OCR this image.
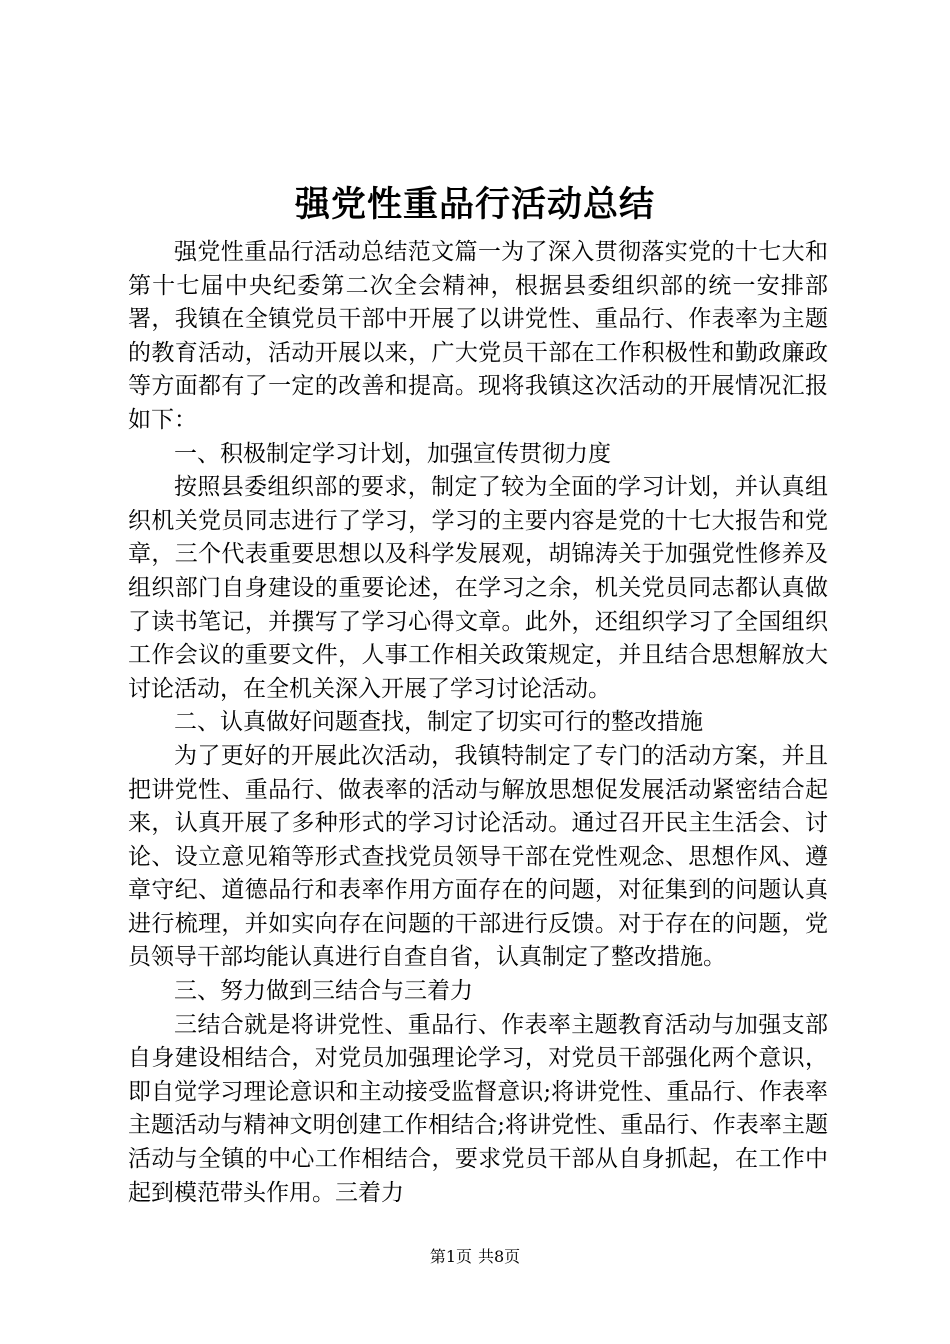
强党性重品行活动总结

强党性重品行活动总结范文篇一为了深入贯彻落实党的十七大和第十七届中央纪委第二次全会精神，根据县委组织部的统一安排部署，我镇在全镇党员干部中开展了以讲党性、重品行、作表率为主题的教育活动，活动开展以来，广大党员干部在工作积极性和勤政廉政等方面都有了一定的改善和提高。现将我镇这次活动的开展情况汇报如下：

一、积极制定学习计划，加强宣传贯彻力度

按照县委组织部的要求，制定了较为全面的学习计划，并认真组织机关党员同志进行了学习，学习的主要内容是党的十七大报告和党章，三个代表重要思想以及科学发展观，胡锦涛关于加强党性修养及组织部门自身建设的重要论述，在学习之余，机关党员同志都认真做了读书笔记，并撰写了学习心得文章。此外，还组织学习了全国组织工作会议的重要文件，人事工作相关政策规定，并且结合思想解放大讨论活动，在全机关深入开展了学习讨论活动。

二、认真做好问题查找，制定了切实可行的整改措施

为了更好的开展此次活动，我镇特制定了专门的活动方案，并且把讲党性、重品行、做表率的活动与解放思想促发展活动紧密结合起来，认真开展了多种形式的学习讨论活动。通过召开民主生活会、讨论、设立意见箱等形式查找党员领导干部在党性观念、思想作风、遵章守纪、道德品行和表率作用方面存在的问题，对征集到的问题认真进行梳理，并如实向存在问题的干部进行反馈。对于存在的问题，党员领导干部均能认真进行自查自省，认真制定了整改措施。

三、努力做到三结合与三着力

三结合就是将讲党性、重品行、作表率主题教育活动与加强支部自身建设相结合，对党员加强理论学习，对党员干部强化两个意识，即自觉学习理论意识和主动接受监督意识;将讲党性、重品行、作表率主题活动与精神文明创建工作相结合;将讲党性、重品行、作表率主题活动与全镇的中心工作相结合，要求党员干部从自身抓起，在工作中起到模范带头作用。三着力

第1页 共8页
